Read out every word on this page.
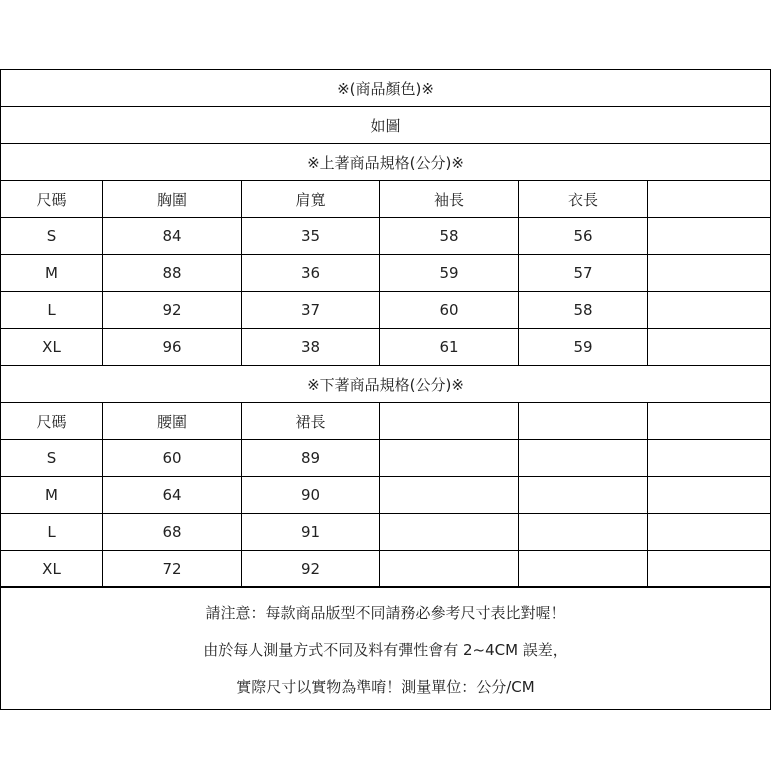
※(商品顏色)※
如圖
※上著商品規格(公分)※
尺碼	胸圍	肩寬	袖長	衣長
S	84	35	58	56
M	88	36	59	57
L	92	37	60	58
XL	96	38	61	59
※下著商品規格(公分)※
尺碼	腰圍	裙長
S	60	89
M	64	90
L	68	91
XL	72	92
請注意：每款商品版型不同請務必參考尺寸表比對喔！
由於每人測量方式不同及料有彈性會有 2~4CM 誤差，
實際尺寸以實物為準唷！測量單位：公分/CM
